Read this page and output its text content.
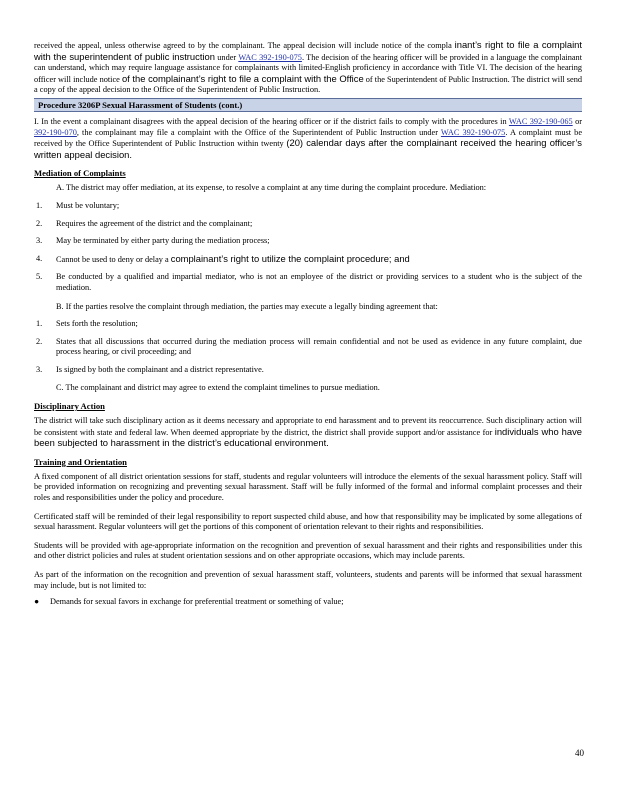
received the appeal, unless otherwise agreed to by the complainant. The appeal decision will include notice of the compla inant’s right to file a complaint with the superintendent of public instruction under WAC 392-190-075. The decision of the hearing officer will be provided in a language the complainant can understand, which may require language assistance for complainants with limited-English proficiency in accordance with Title VI. The decision of the hearing officer will include notice of the complainant’s right to file a complaint with the Office of the Superintendent of Public Instruction. The district will send a copy of the appeal decision to the Office of the Superintendent of Public Instruction.

Procedure 3206P Sexual Harassment of Students (cont.)

I. In the event a complainant disagrees with the appeal decision of the hearing officer or if the district fails to comply with the procedures in WAC 392-190-065 or 392-190-070, the complainant may file a complaint with the Office of the Superintendent of Public Instruction under WAC 392-190-075. A complaint must be received by the Office Superintendent of Public Instruction within twenty (20) calendar days after the complainant received the hearing officer’s written appeal decision.

Mediation of Complaints

A. The district may offer mediation, at its expense, to resolve a complaint at any time during the complaint procedure. Mediation:

1.	Must be voluntary;
2.	Requires the agreement of the district and the complainant;
3.	May be terminated by either party during the mediation process;
4.	Cannot be used to deny or delay a complainant’s right to utilize the complaint procedure; and
5.	Be conducted by a qualified and impartial mediator, who is not an employee of the district or providing services to a student who is the subject of the mediation.

B. If the parties resolve the complaint through mediation, the parties may execute a legally binding agreement that:

1.	Sets forth the resolution;
2.	States that all discussions that occurred during the mediation process will remain confidential and not be used as evidence in any future complaint, due process hearing, or civil proceeding; and
3.	Is signed by both the complainant and a district representative.

C. The complainant and district may agree to extend the complaint timelines to pursue mediation.

Disciplinary Action

The district will take such disciplinary action as it deems necessary and appropriate to end harassment and to prevent its reoccurrence. Such disciplinary action will be consistent with state and federal law. When deemed appropriate by the district, the district shall provide support and/or assistance for individuals who have been subjected to harassment in the district’s educational environment.

Training and Orientation

A fixed component of all district orientation sessions for staff, students and regular volunteers will introduce the elements of the sexual harassment policy. Staff will be provided information on recognizing and preventing sexual harassment. Staff will be fully informed of the formal and informal complaint processes and their roles and responsibilities under the policy and procedure.

Certificated staff will be reminded of their legal responsibility to report suspected child abuse, and how that responsibility may be implicated by some allegations of sexual harassment. Regular volunteers will get the portions of this component of orientation relevant to their rights and responsibilities.

Students will be provided with age-appropriate information on the recognition and prevention of sexual harassment and their rights and responsibilities under this and other district policies and rules at student orientation sessions and on other appropriate occasions, which may include parents.

As part of the information on the recognition and prevention of sexual harassment staff, volunteers, students and parents will be informed that sexual harassment may include, but is not limited to:

●	Demands for sexual favors in exchange for preferential treatment or something of value;
40
